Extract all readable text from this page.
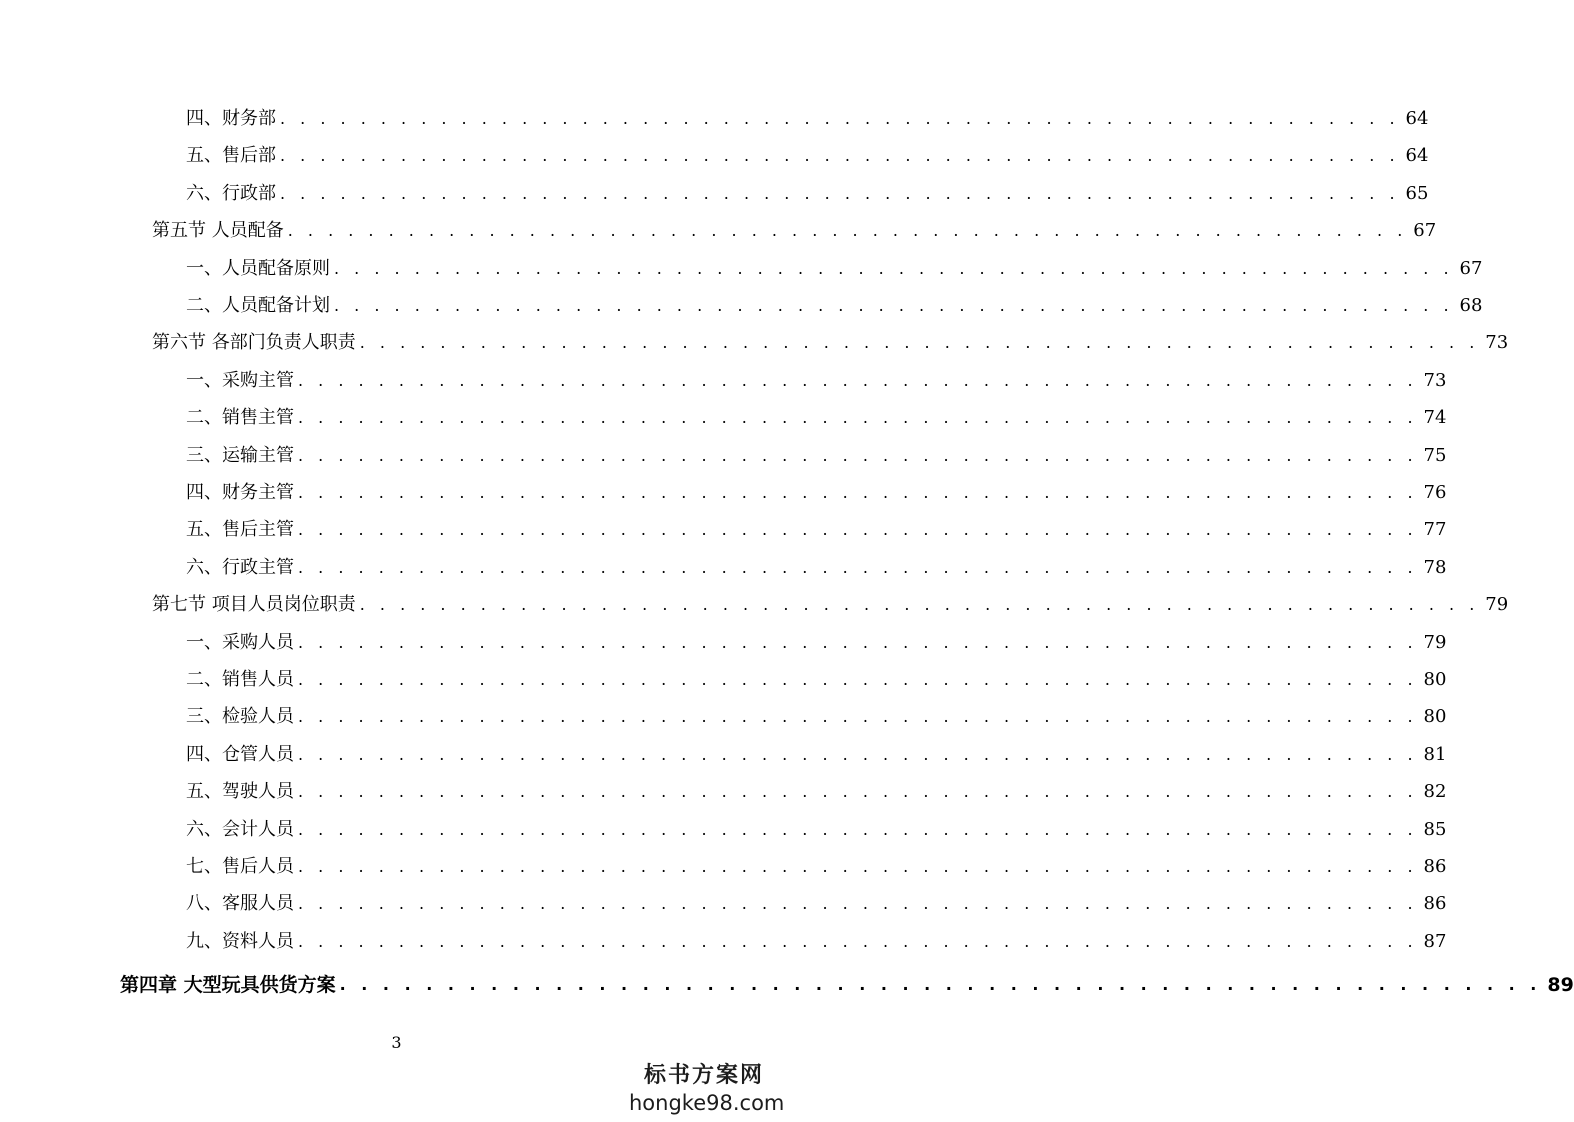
四、财务部 . . . . . . . . . . . . . . . . . . . . . . . . . . . . . . . . . . . . . . . . . . . . . . . . . . . . . . . . 64
五、售后部 . . . . . . . . . . . . . . . . . . . . . . . . . . . . . . . . . . . . . . . . . . . . . . . . . . . . . . . . 64
六、行政部 . . . . . . . . . . . . . . . . . . . . . . . . . . . . . . . . . . . . . . . . . . . . . . . . . . . . . . . . 65
第五节 人员配备 . . . . . . . . . . . . . . . . . . . . . . . . . . . . . . . . . . . . . . . . . . . . . . . . . . . . . . . . 67
一、人员配备原则 . . . . . . . . . . . . . . . . . . . . . . . . . . . . . . . . . . . . . . . . . . . . . . . . . . . . . . . . 67
二、人员配备计划 . . . . . . . . . . . . . . . . . . . . . . . . . . . . . . . . . . . . . . . . . . . . . . . . . . . . . . . . 68
第六节 各部门负责人职责 . . . . . . . . . . . . . . . . . . . . . . . . . . . . . . . . . . . . . . . . . . . . . . . . . . . . . . . . 73
一、采购主管 . . . . . . . . . . . . . . . . . . . . . . . . . . . . . . . . . . . . . . . . . . . . . . . . . . . . . . . . 73
二、销售主管 . . . . . . . . . . . . . . . . . . . . . . . . . . . . . . . . . . . . . . . . . . . . . . . . . . . . . . . . 74
三、运输主管 . . . . . . . . . . . . . . . . . . . . . . . . . . . . . . . . . . . . . . . . . . . . . . . . . . . . . . . . 75
四、财务主管 . . . . . . . . . . . . . . . . . . . . . . . . . . . . . . . . . . . . . . . . . . . . . . . . . . . . . . . . 76
五、售后主管 . . . . . . . . . . . . . . . . . . . . . . . . . . . . . . . . . . . . . . . . . . . . . . . . . . . . . . . . 77
六、行政主管 . . . . . . . . . . . . . . . . . . . . . . . . . . . . . . . . . . . . . . . . . . . . . . . . . . . . . . . . 78
第七节 项目人员岗位职责 . . . . . . . . . . . . . . . . . . . . . . . . . . . . . . . . . . . . . . . . . . . . . . . . . . . . . . . . 79
一、采购人员 . . . . . . . . . . . . . . . . . . . . . . . . . . . . . . . . . . . . . . . . . . . . . . . . . . . . . . . . 79
二、销售人员 . . . . . . . . . . . . . . . . . . . . . . . . . . . . . . . . . . . . . . . . . . . . . . . . . . . . . . . . 80
三、检验人员 . . . . . . . . . . . . . . . . . . . . . . . . . . . . . . . . . . . . . . . . . . . . . . . . . . . . . . . . 80
四、仓管人员 . . . . . . . . . . . . . . . . . . . . . . . . . . . . . . . . . . . . . . . . . . . . . . . . . . . . . . . . 81
五、驾驶人员 . . . . . . . . . . . . . . . . . . . . . . . . . . . . . . . . . . . . . . . . . . . . . . . . . . . . . . . . 82
六、会计人员 . . . . . . . . . . . . . . . . . . . . . . . . . . . . . . . . . . . . . . . . . . . . . . . . . . . . . . . . 85
七、售后人员 . . . . . . . . . . . . . . . . . . . . . . . . . . . . . . . . . . . . . . . . . . . . . . . . . . . . . . . . 86
八、客服人员 . . . . . . . . . . . . . . . . . . . . . . . . . . . . . . . . . . . . . . . . . . . . . . . . . . . . . . . . 86
九、资料人员 . . . . . . . . . . . . . . . . . . . . . . . . . . . . . . . . . . . . . . . . . . . . . . . . . . . . . . . . 87
第四章 大型玩具供货方案 . . . . . . . . . . . . . . . . . . . . . . . . . . . . . . . . . . . . . . . . . . . . . . . . . . . . . . . . 89
3
标书方案网
hongke98.com
